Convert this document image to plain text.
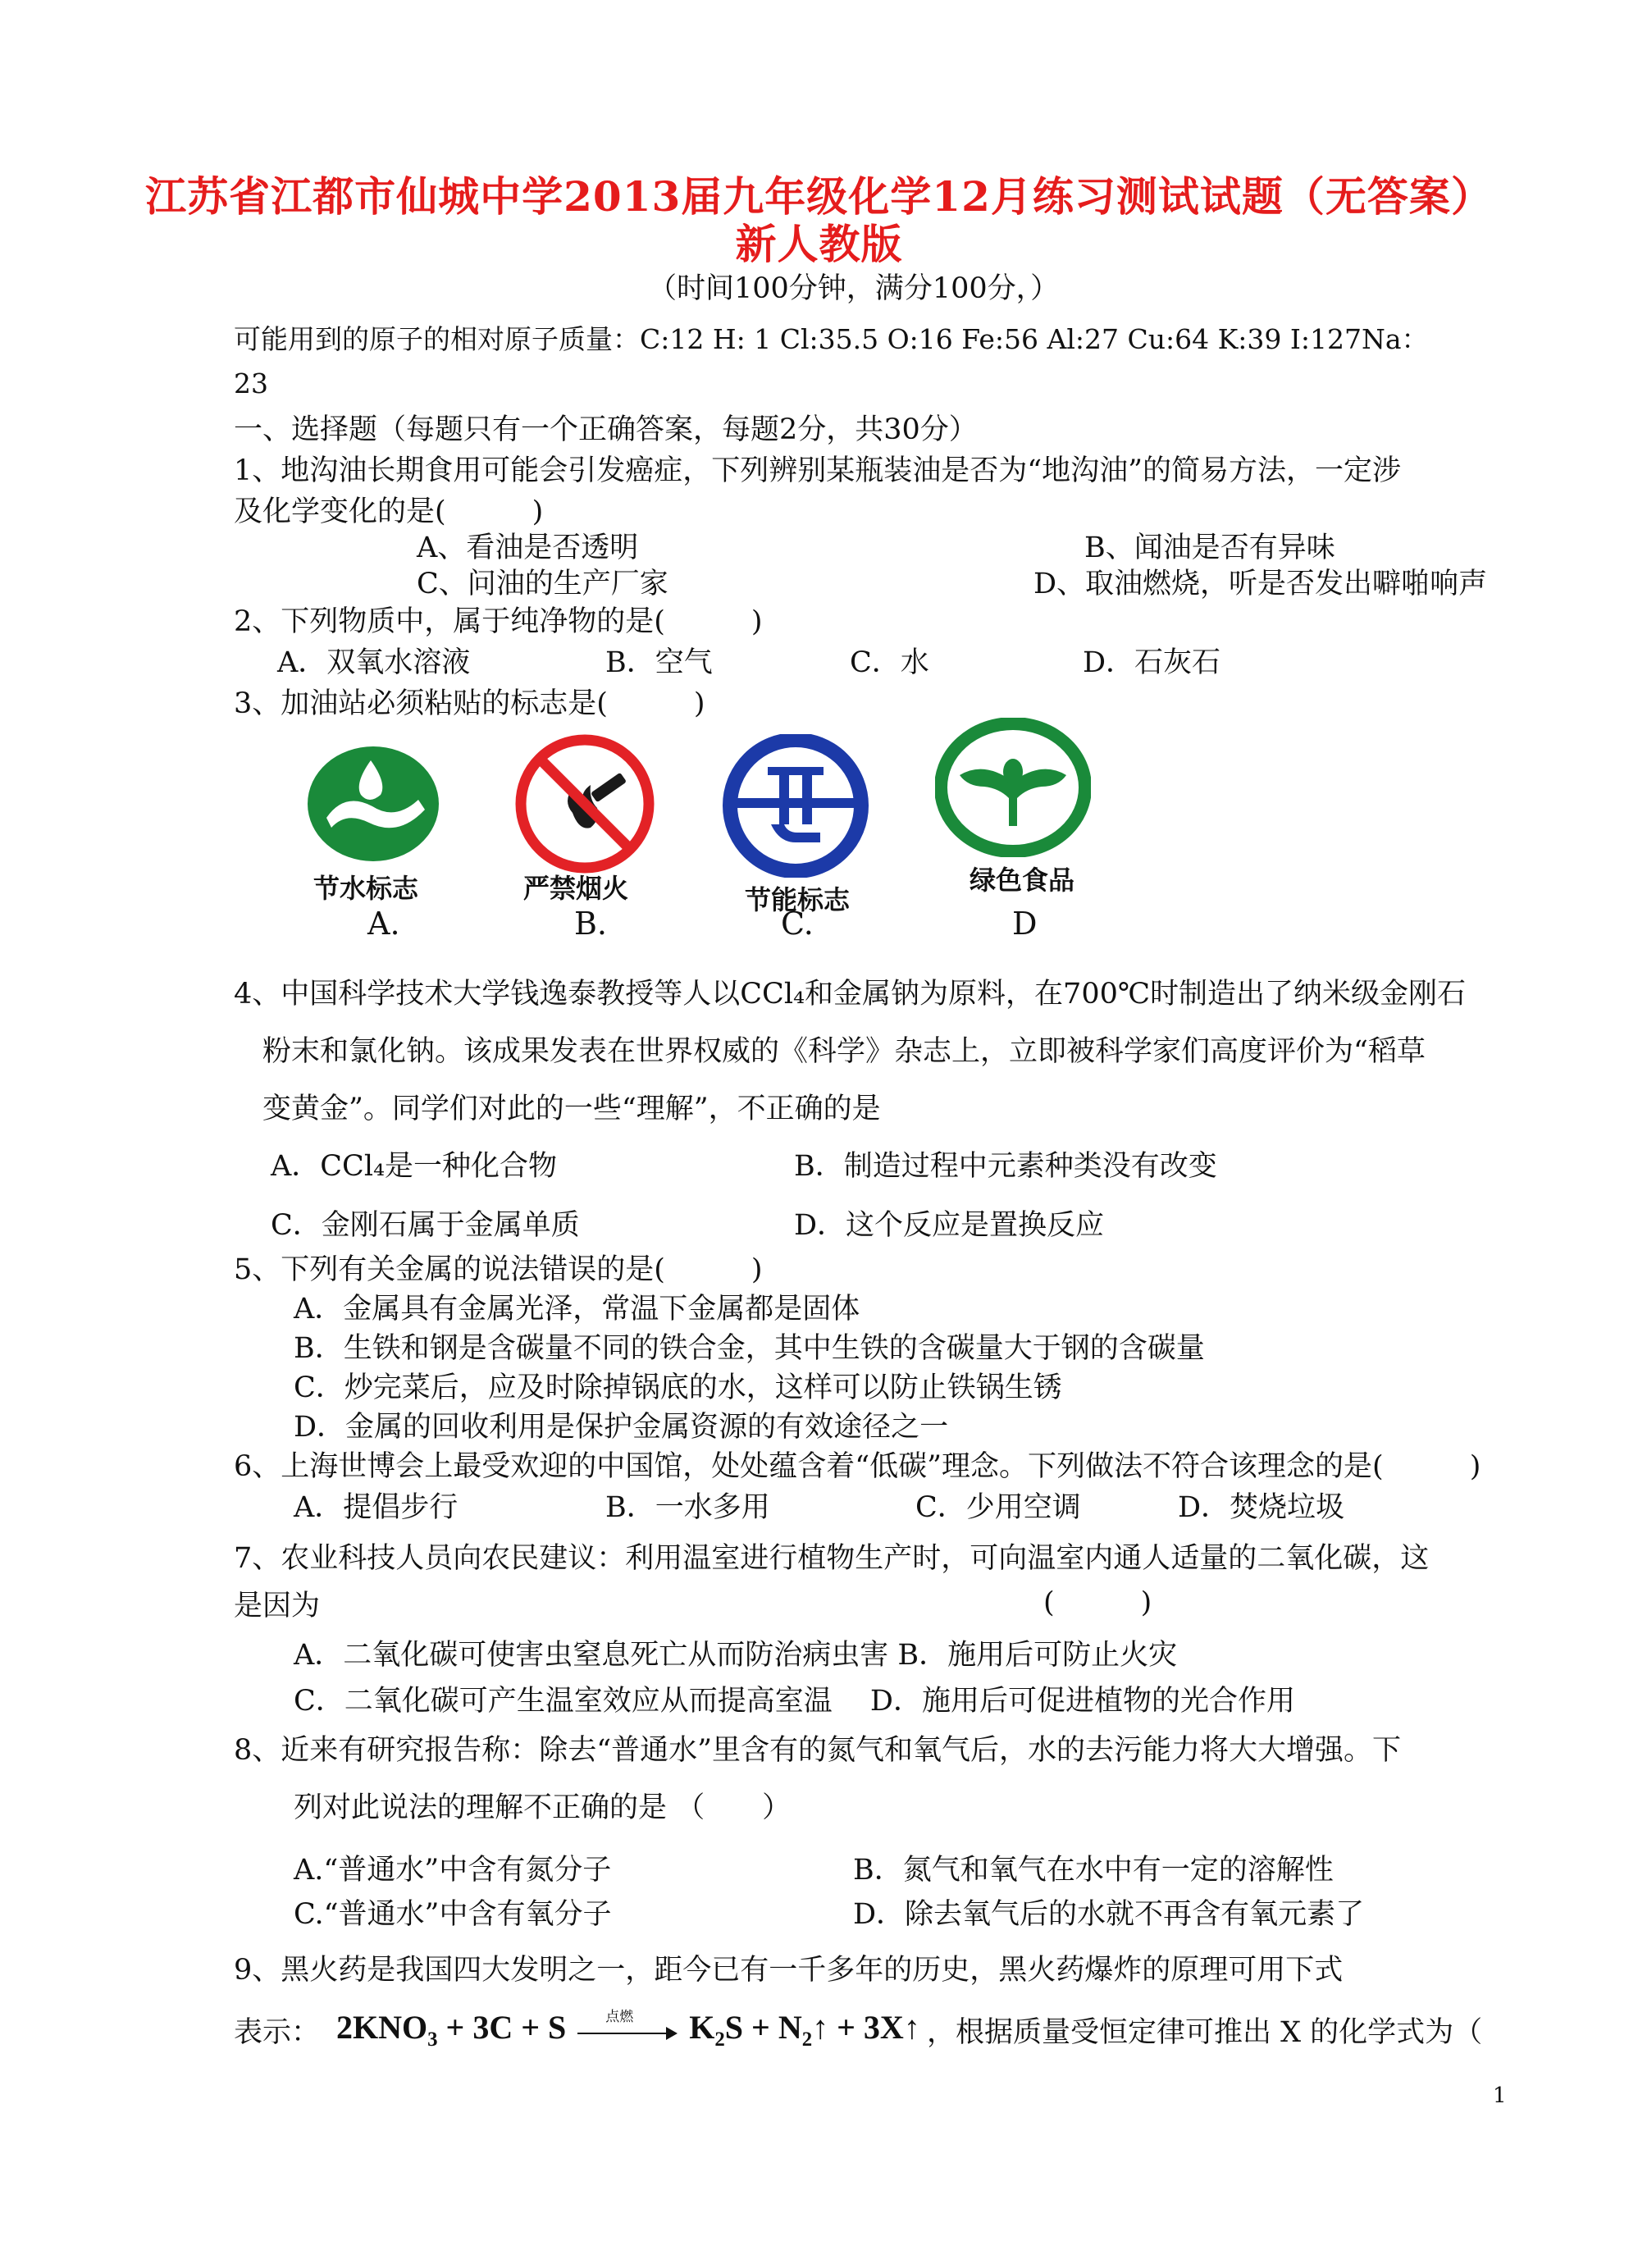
江苏省江都市仙城中学2013届九年级化学12月练习测试试题（无答案）
新人教版
（时间100分钟，满分100分，）
可能用到的原子的相对原子质量：C:12 H: 1 Cl:35.5 O:16 Fe:56 Al:27 Cu:64 K:39 I:127Na：
23
一、选择题（每题只有一个正确答案，每题2分，共30分）
1、地沟油长期食用可能会引发癌症，下列辨别某瓶装油是否为“地沟油”的简易方法，一定涉
及化学变化的是(　　　)
A、看油是否透明	B、闻油是否有异味
C、问油的生产厂家	D、取油燃烧，听是否发出噼啪响声
2、下列物质中，属于纯净物的是(　　　)
A．双氧水溶液	B．空气	C．水	D．石灰石
3、加油站必须粘贴的标志是(　　　)
节水标志
A.
严禁烟火
B.
节能标志
C.
绿色食品
D
4、中国科学技术大学钱逸泰教授等人以CCl₄和金属钠为原料，在700℃时制造出了纳米级金刚石
粉末和氯化钠。该成果发表在世界权威的《科学》杂志上，立即被科学家们高度评价为“稻草
变黄金”。同学们对此的一些“理解”，不正确的是
A．CCl₄是一种化合物	B．制造过程中元素种类没有改变
C．金刚石属于金属单质	D．这个反应是置换反应
5、下列有关金属的说法错误的是(　　　)
A．金属具有金属光泽，常温下金属都是固体
B．生铁和钢是含碳量不同的铁合金，其中生铁的含碳量大于钢的含碳量
C．炒完菜后，应及时除掉锅底的水，这样可以防止铁锅生锈
D．金属的回收利用是保护金属资源的有效途径之一
6、上海世博会上最受欢迎的中国馆，处处蕴含着“低碳”理念。下列做法不符合该理念的是(　　　)
A．提倡步行	B．一水多用	C．少用空调	D．焚烧垃圾
7、农业科技人员向农民建议：利用温室进行植物生产时，可向温室内通人适量的二氧化碳，这
是因为	(　　　)
A．二氧化碳可使害虫窒息死亡从而防治病虫害 B．施用后可防止火灾
C．二氧化碳可产生温室效应从而提高室温　 D．施用后可促进植物的光合作用
8、近来有研究报告称：除去“普通水”里含有的氮气和氧气后，水的去污能力将大大增强。下
列对此说法的理解不正确的是 （　　）
A.“普通水”中含有氮分子	B．氮气和氧气在水中有一定的溶解性
C.“普通水”中含有氧分子	D．除去氧气后的水就不再含有氧元素了
9、黑火药是我国四大发明之一，距今已有一千多年的历史，黑火药爆炸的原理可用下式
表示： $2KNO_3 + 3C + S$ 点燃 $K_2S$ + $N_2↑$ + 3X↑ ，根据质量受恒定律可推出 X 的化学式为（
1
